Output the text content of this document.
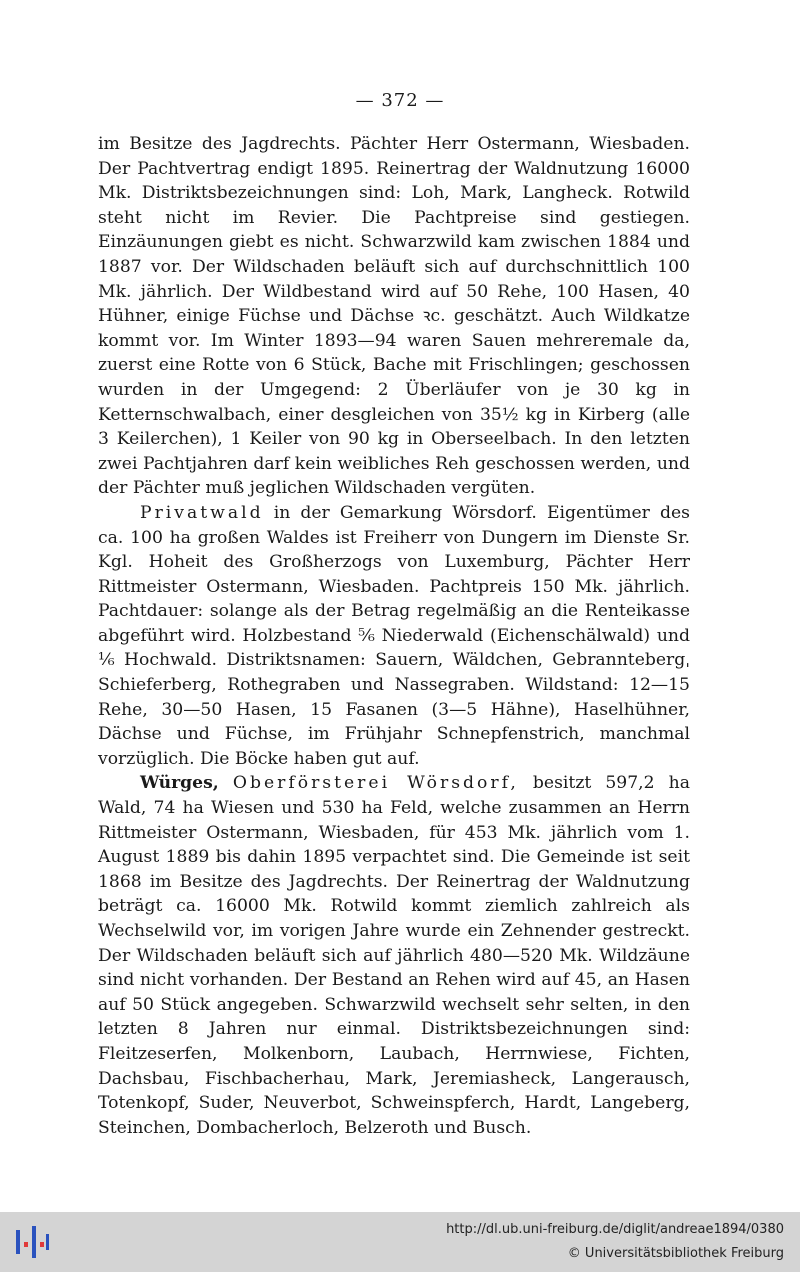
— 372 —

im Besitze des Jagdrechts. Pächter Herr Ostermann, Wiesbaden. Der Pachtvertrag endigt 1895. Reinertrag der Waldnutzung 16000 Mk. Distriktsbezeichnungen sind: Loh, Mark, Langheck. Rotwild steht nicht im Revier. Die Pachtpreise sind gestiegen. Einzäunungen giebt es nicht. Schwarzwild kam zwischen 1884 und 1887 vor. Der Wildschaden beläuft sich auf durchschnittlich 100 Mk. jährlich. Der Wildbestand wird auf 50 Rehe, 100 Hasen, 40 Hühner, einige Füchse und Dächse ꝛc. geschätzt. Auch Wildkatze kommt vor. Im Winter 1893—94 waren Sauen mehreremale da, zuerst eine Rotte von 6 Stück, Bache mit Frischlingen; geschossen wurden in der Umgegend: 2 Überläufer von je 30 kg in Ketternschwalbach, einer desgleichen von 35½ kg in Kirberg (alle 3 Keilerchen), 1 Keiler von 90 kg in Oberseelbach. In den letzten zwei Pachtjahren darf kein weibliches Reh geschossen werden, und der Pächter muß jeglichen Wildschaden vergüten.

Privatwald in der Gemarkung Wörsdorf. Eigentümer des ca. 100 ha großen Waldes ist Freiherr von Dungern im Dienste Sr. Kgl. Hoheit des Großherzogs von Luxemburg, Pächter Herr Rittmeister Ostermann, Wiesbaden. Pachtpreis 150 Mk. jährlich. Pachtdauer: solange als der Betrag regelmäßig an die Renteikasse abgeführt wird. Holzbestand ⁵⁄₆ Niederwald (Eichenschälwald) und ¹⁄₆ Hochwald. Distriktsnamen: Sauern, Wäldchen, Gebranntebergˌ Schieferberg, Rothegraben und Nassegraben. Wildstand: 12—15 Rehe, 30—50 Hasen, 15 Fasanen (3—5 Hähne), Haselhühner, Dächse und Füchse, im Frühjahr Schnepfenstrich, manchmal vorzüglich. Die Böcke haben gut auf.

Würges, Oberförsterei Wörsdorf, besitzt 597,2 ha Wald, 74 ha Wiesen und 530 ha Feld, welche zusammen an Herrn Rittmeister Ostermann, Wiesbaden, für 453 Mk. jährlich vom 1. August 1889 bis dahin 1895 verpachtet sind. Die Gemeinde ist seit 1868 im Besitze des Jagdrechts. Der Reinertrag der Waldnutzung beträgt ca. 16000 Mk. Rotwild kommt ziemlich zahlreich als Wechselwild vor, im vorigen Jahre wurde ein Zehnender gestreckt. Der Wildschaden beläuft sich auf jährlich 480—520 Mk. Wildzäune sind nicht vorhanden. Der Bestand an Rehen wird auf 45, an Hasen auf 50 Stück angegeben. Schwarzwild wechselt sehr selten, in den letzten 8 Jahren nur einmal. Distriktsbezeichnungen sind: Fleitzeserfen, Molkenborn, Laubach, Herrnwiese, Fichten, Dachsbau, Fischbacherhau, Mark, Jeremiasheck, Langerausch, Totenkopf, Suder, Neuverbot, Schweinspferch, Hardt, Langeberg, Steinchen, Dombacherloch, Belzeroth und Busch.

http://dl.ub.uni-freiburg.de/diglit/andreae1894/0380
© Universitätsbibliothek Freiburg
